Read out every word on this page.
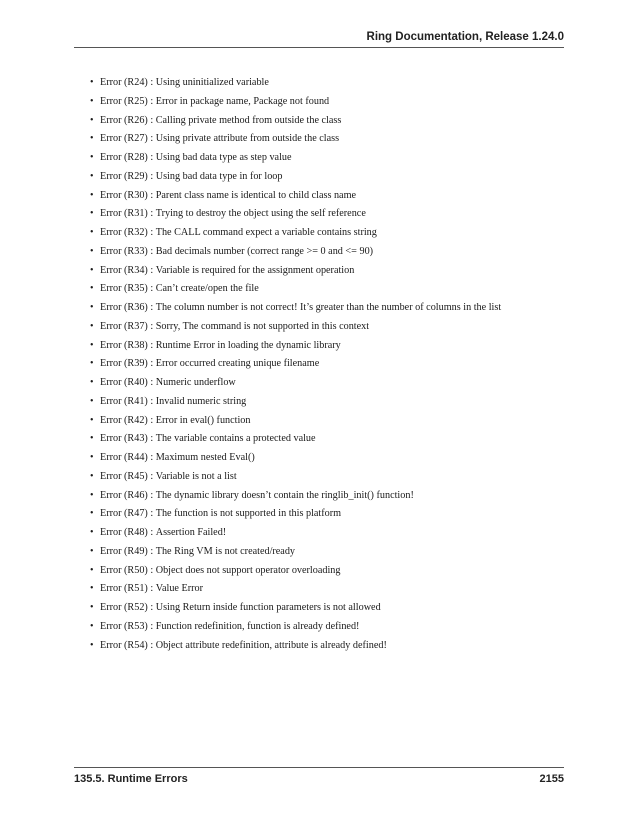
Ring Documentation, Release 1.24.0
• Error (R24) :
Using uninitialized variable
• Error (R25) :
Error in package name, Package not found
• Error (R26) :
Calling private method from outside the class
• Error (R27) :
Using private attribute from outside the class
• Error (R28) :
Using bad data type as step value
• Error (R29) :
Using bad data type in for loop
• Error (R30) :
Parent class name is identical to child class name
• Error (R31) :
Trying to destroy the object using the self reference
• Error (R32) :
The CALL command expect a variable contains string
• Error (R33) :
Bad decimals number (correct range >= 0 and <= 90)
• Error (R34) :
Variable is required for the assignment operation
• Error (R35) :
Can’t create/open the file
• Error (R36) :
The column number is not correct! It’s greater than the number of columns in the list
• Error (R37) :
Sorry, The command is not supported in this context
• Error (R38) :
Runtime Error in loading the dynamic library
• Error (R39) :
Error occurred creating unique filename
• Error (R40) :
Numeric underflow
• Error (R41) :
Invalid numeric string
• Error (R42) :
Error in eval() function
• Error (R43) :
The variable contains a protected value
• Error (R44) :
Maximum nested Eval()
• Error (R45) :
Variable is not a list
• Error (R46) :
The dynamic library doesn’t contain the ringlib_init() function!
• Error (R47) :
The function is not supported in this platform
• Error (R48) :
Assertion Failed!
• Error (R49) :
The Ring VM is not created/ready
• Error (R50) :
Object does not support operator overloading
• Error (R51) :
Value Error
• Error (R52) :
Using Return inside function parameters is not allowed
• Error (R53) :
Function redefinition, function is already defined!
• Error (R54) :
Object attribute redefinition, attribute is already defined!
135.5. Runtime Errors	2155
